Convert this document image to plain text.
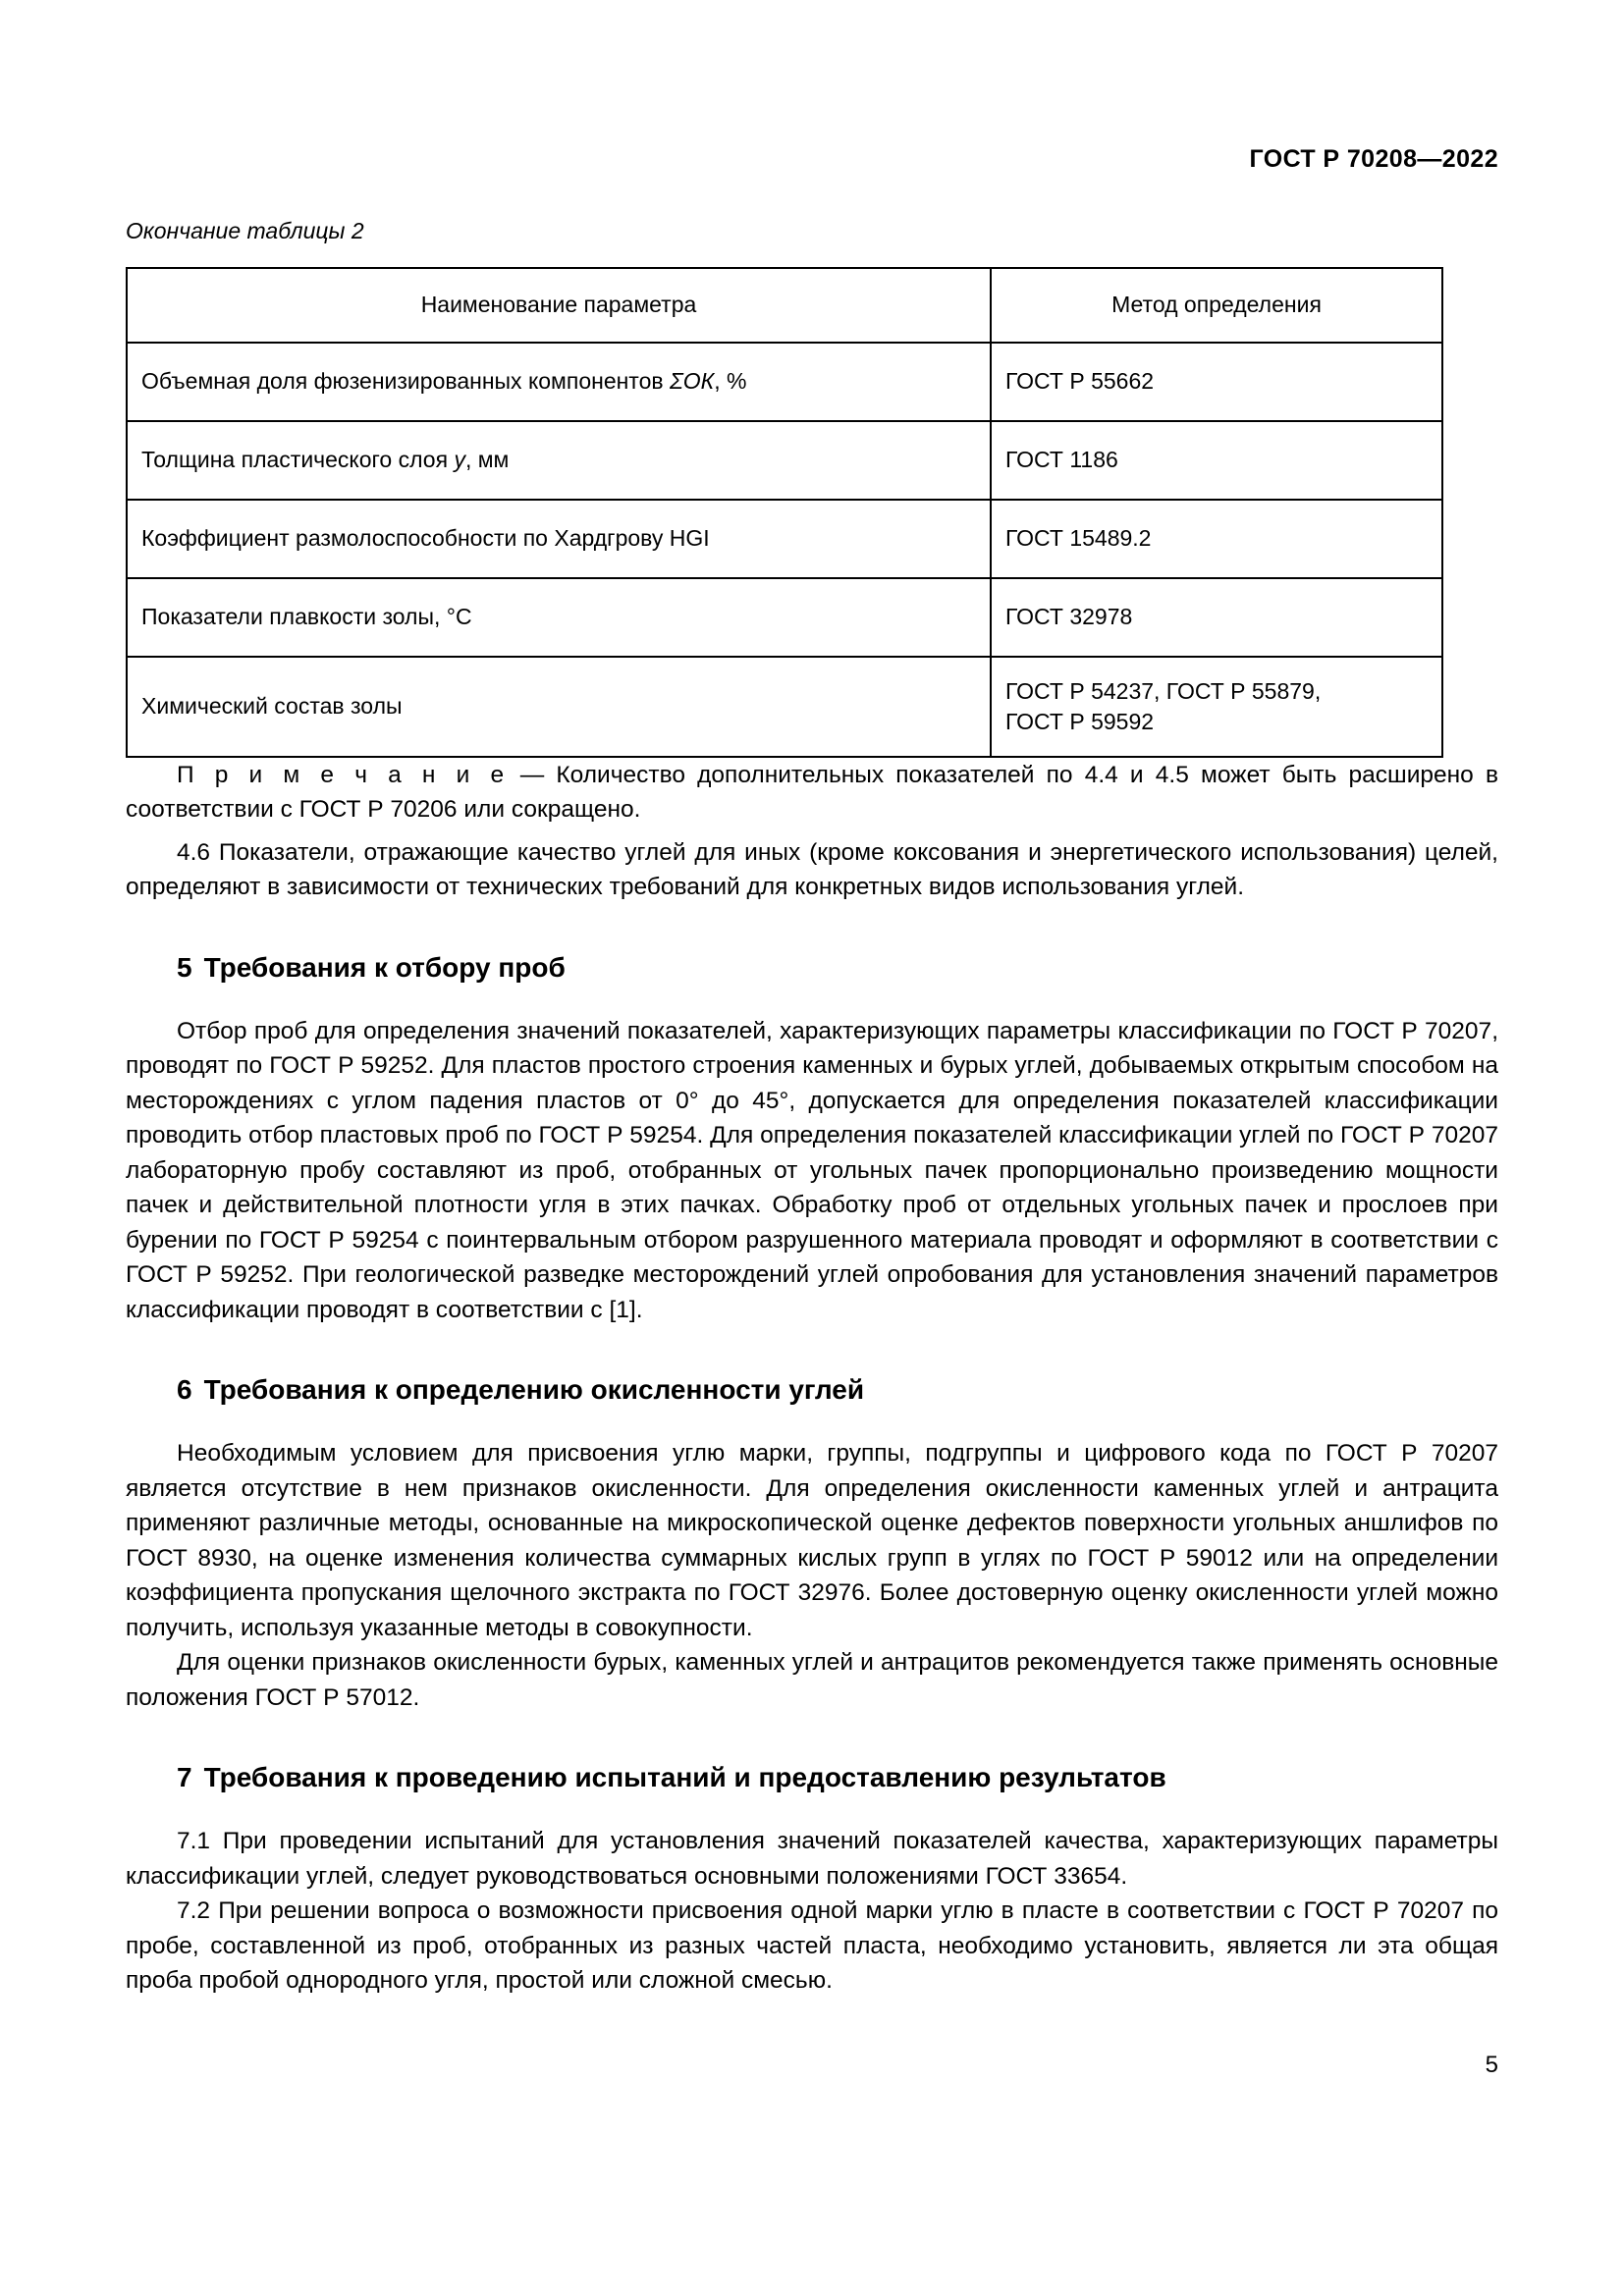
ГОСТ Р 70208—2022
Окончание таблицы 2
Наименование параметра	Метод определения
Объемная доля фюзенизированных компонентов ΣОК, %	ГОСТ Р 55662
Толщина пластического слоя y, мм	ГОСТ 1186
Коэффициент размолоспособности по Хардгрову HGI	ГОСТ 15489.2
Показатели плавкости золы, °C	ГОСТ 32978
Химический состав золы	ГОСТ Р 54237, ГОСТ Р 55879,
ГОСТ Р 59592

П р и м е ч а н и е — Количество дополнительных показателей по 4.4 и 4.5 может быть расширено в соответствии с ГОСТ Р 70206 или сокращено.

4.6 Показатели, отражающие качество углей для иных (кроме коксования и энергетического использования) целей, определяют в зависимости от технических требований для конкретных видов использования углей.

5 Требования к отбору проб

Отбор проб для определения значений показателей, характеризующих параметры классификации по ГОСТ Р 70207, проводят по ГОСТ Р 59252. Для пластов простого строения каменных и бурых углей, добываемых открытым способом на месторождениях с углом падения пластов от 0° до 45°, допускается для определения показателей классификации проводить отбор пластовых проб по ГОСТ Р 59254. Для определения показателей классификации углей по ГОСТ Р 70207 лабораторную пробу составляют из проб, отобранных от угольных пачек пропорционально произведению мощности пачек и действительной плотности угля в этих пачках. Обработку проб от отдельных угольных пачек и прослоев при бурении по ГОСТ Р 59254 с поинтервальным отбором разрушенного материала проводят и оформляют в соответствии с ГОСТ Р 59252. При геологической разведке месторождений углей опробования для установления значений параметров классификации проводят в соответствии с [1].

6 Требования к определению окисленности углей

Необходимым условием для присвоения углю марки, группы, подгруппы и цифрового кода по ГОСТ Р 70207 является отсутствие в нем признаков окисленности. Для определения окисленности каменных углей и антрацита применяют различные методы, основанные на микроскопической оценке дефектов поверхности угольных аншлифов по ГОСТ 8930, на оценке изменения количества суммарных кислых групп в углях по ГОСТ Р 59012 или на определении коэффициента пропускания щелочного экстракта по ГОСТ 32976. Более достоверную оценку окисленности углей можно получить, используя указанные методы в совокупности.

Для оценки признаков окисленности бурых, каменных углей и антрацитов рекомендуется также применять основные положения ГОСТ Р 57012.

7 Требования к проведению испытаний и предоставлению результатов

7.1 При проведении испытаний для установления значений показателей качества, характеризующих параметры классификации углей, следует руководствоваться основными положениями ГОСТ 33654.

7.2 При решении вопроса о возможности присвоения одной марки углю в пласте в соответствии с ГОСТ Р 70207 по пробе, составленной из проб, отобранных из разных частей пласта, необходимо установить, является ли эта общая проба пробой однородного угля, простой или сложной смесью.

5
